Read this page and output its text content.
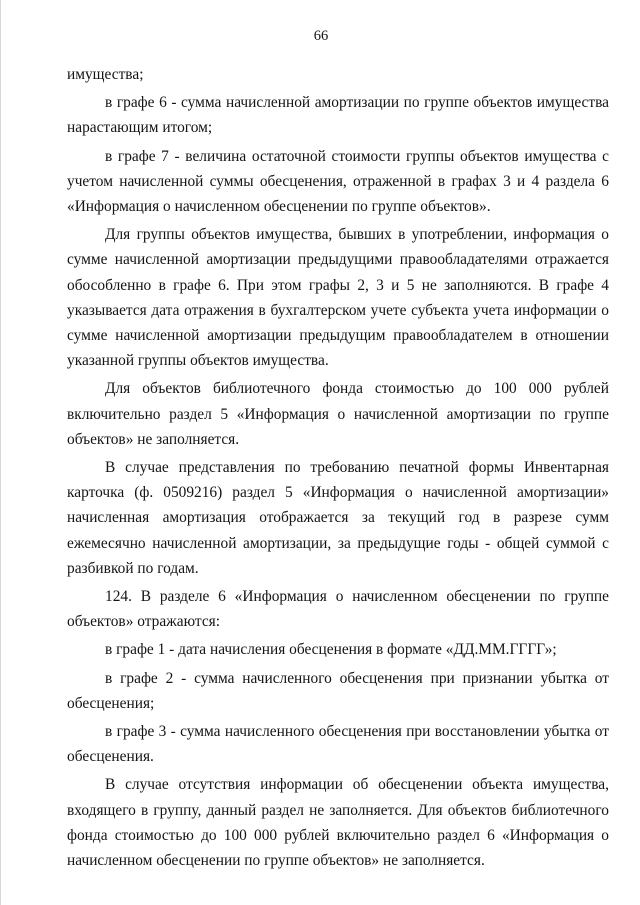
66

имущества;

в графе 6 - сумма начисленной амортизации по группе объектов имущества нарастающим итогом;

в графе 7 - величина остаточной стоимости группы объектов имущества с учетом начисленной суммы обесценения, отраженной в графах 3 и 4 раздела 6 «Информация о начисленном обесценении по группе объектов».

Для группы объектов имущества, бывших в употреблении, информация о сумме начисленной амортизации предыдущими правообладателями отражается обособленно в графе 6. При этом графы 2, 3 и 5 не заполняются. В графе 4 указывается дата отражения в бухгалтерском учете субъекта учета информации о сумме начисленной амортизации предыдущим правообладателем в отношении указанной группы объектов имущества.

Для объектов библиотечного фонда стоимостью до 100 000 рублей включительно раздел 5 «Информация о начисленной амортизации по группе объектов» не заполняется.

В случае представления по требованию печатной формы Инвентарная карточка (ф. 0509216) раздел 5 «Информация о начисленной амортизации» начисленная амортизация отображается за текущий год в разрезе сумм ежемесячно начисленной амортизации, за предыдущие годы - общей суммой с разбивкой по годам.

124. В разделе 6 «Информация о начисленном обесценении по группе объектов» отражаются:

в графе 1 - дата начисления обесценения в формате «ДД.ММ.ГГГГ»;

в графе 2 - сумма начисленного обесценения при признании убытка от обесценения;

в графе 3 - сумма начисленного обесценения при восстановлении убытка от обесценения.

В случае отсутствия информации об обесценении объекта имущества, входящего в группу, данный раздел не заполняется. Для объектов библиотечного фонда стоимостью до 100 000 рублей включительно раздел 6 «Информация о начисленном обесценении по группе объектов» не заполняется.
